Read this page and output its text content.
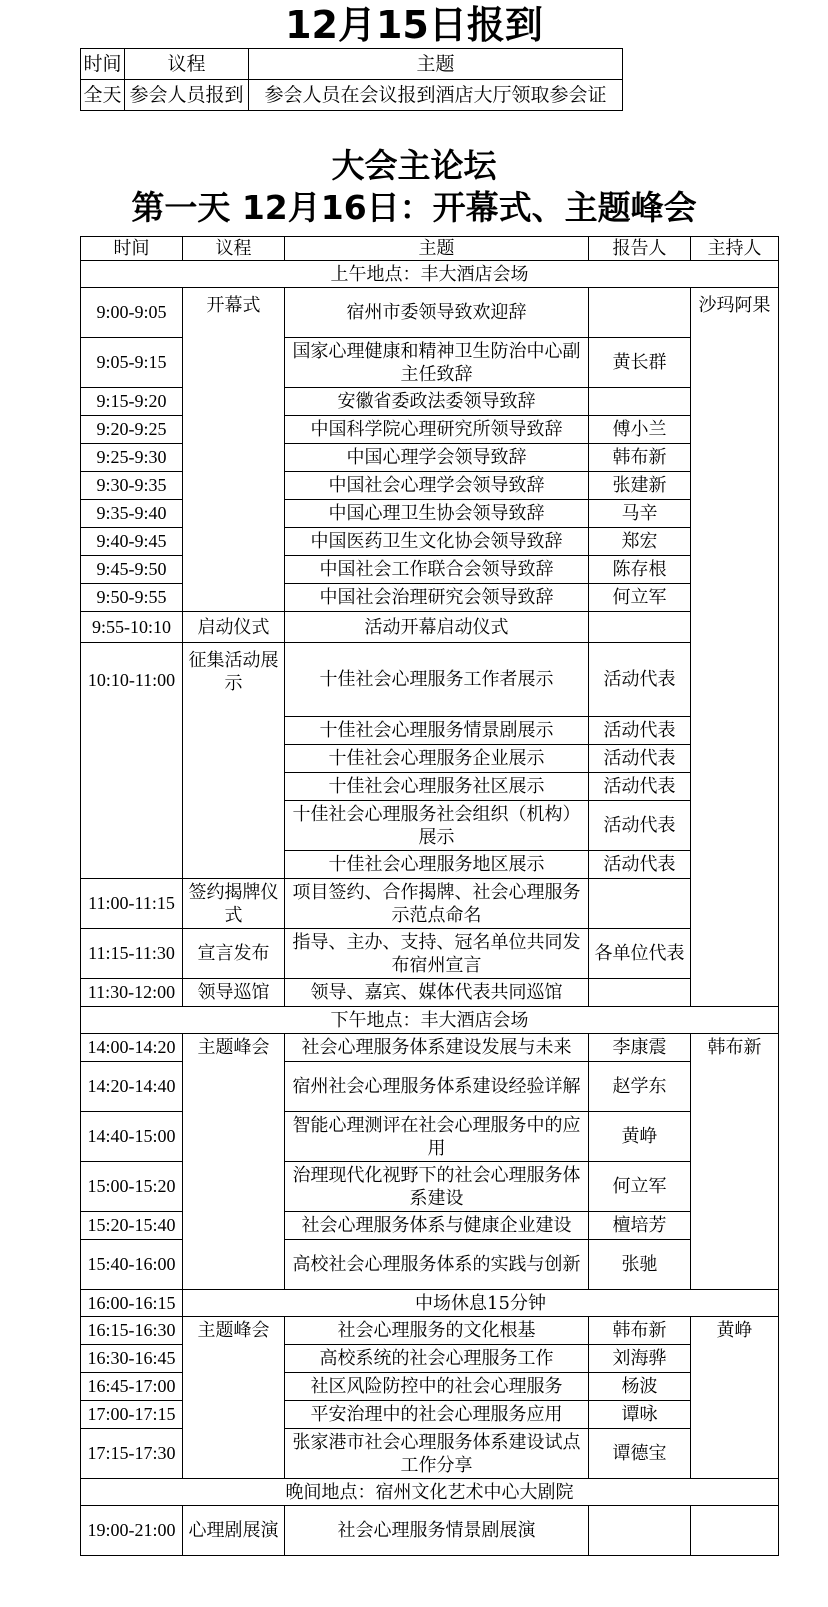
12月15日报到
时间	议程	主题
全天	参会人员报到	参会人员在会议报到酒店大厅领取参会证
大会主论坛
第一天 12月16日：开幕式、主题峰会
时间	议程	主题	报告人	主持人
上午地点：丰大酒店会场				
9:00-9:05	开幕式	宿州市委领导致欢迎辞		沙玛阿果
9:05-9:15		国家心理健康和精神卫生防治中心副主任致辞	黄长群	
9:15-9:20		安徽省委政法委领导致辞		
9:20-9:25		中国科学院心理研究所领导致辞	傅小兰	
9:25-9:30		中国心理学会领导致辞	韩布新	
9:30-9:35		中国社会心理学会领导致辞	张建新	
9:35-9:40		中国心理卫生协会领导致辞	马辛	
9:40-9:45		中国医药卫生文化协会领导致辞	郑宏	
9:45-9:50		中国社会工作联合会领导致辞	陈存根	
9:50-9:55		中国社会治理研究会领导致辞	何立军	
9:55-10:10	启动仪式	活动开幕启动仪式		
10:10-11:00	征集活动展示	十佳社会心理服务工作者展示	活动代表	
		十佳社会心理服务情景剧展示	活动代表	
		十佳社会心理服务企业展示	活动代表	
		十佳社会心理服务社区展示	活动代表	
		十佳社会心理服务社会组织（机构）展示	活动代表	
		十佳社会心理服务地区展示	活动代表	
11:00-11:15	签约揭牌仪式	项目签约、合作揭牌、社会心理服务示范点命名		
11:15-11:30	宣言发布	指导、主办、支持、冠名单位共同发布宿州宣言	各单位代表	
11:30-12:00	领导巡馆	领导、嘉宾、媒体代表共同巡馆		
下午地点：丰大酒店会场				
14:00-14:20	主题峰会	社会心理服务体系建设发展与未来	李康震	韩布新
14:20-14:40		宿州社会心理服务体系建设经验详解	赵学东	
14:40-15:00		智能心理测评在社会心理服务中的应用	黄峥	
15:00-15:20		治理现代化视野下的社会心理服务体系建设	何立军	
15:20-15:40		社会心理服务体系与健康企业建设	檀培芳	
15:40-16:00		高校社会心理服务体系的实践与创新	张驰	
16:00-16:15	中场休息15分钟			
16:15-16:30	主题峰会	社会心理服务的文化根基	韩布新	黄峥
16:30-16:45		高校系统的社会心理服务工作	刘海骅	
16:45-17:00		社区风险防控中的社会心理服务	杨波	
17:00-17:15		平安治理中的社会心理服务应用	谭咏	
17:15-17:30		张家港市社会心理服务体系建设试点工作分享	谭德宝	
晚间地点：宿州文化艺术中心大剧院				
19:00-21:00	心理剧展演	社会心理服务情景剧展演		
